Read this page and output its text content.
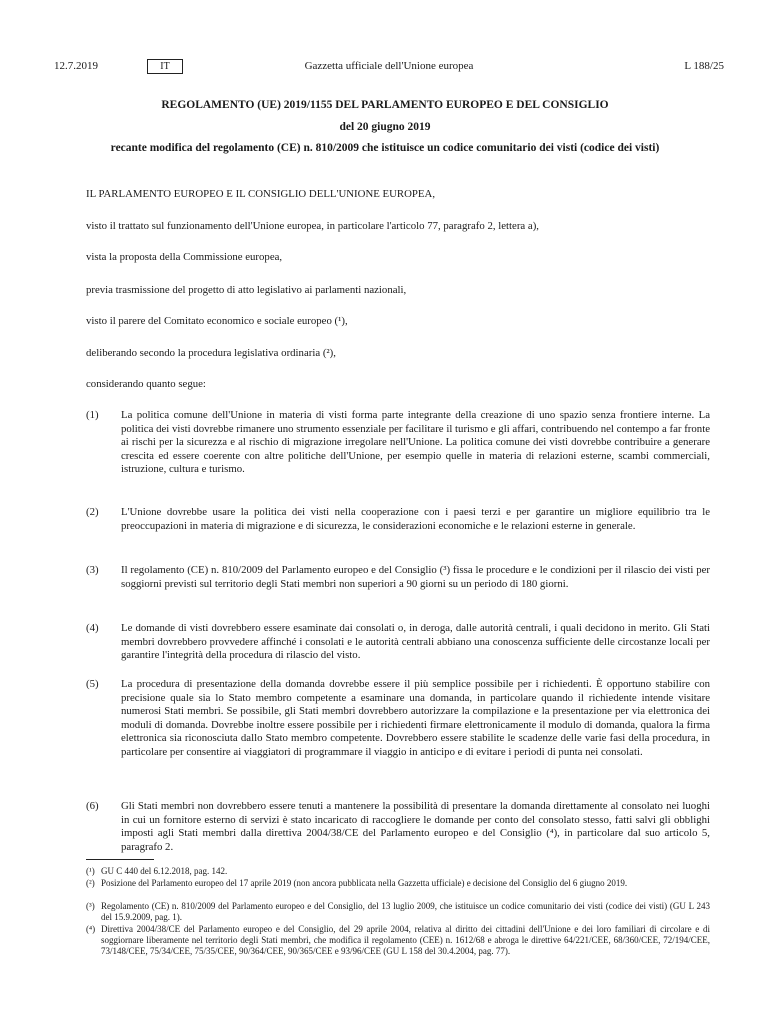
12.7.2019	IT	Gazzetta ufficiale dell'Unione europea	L 188/25
REGOLAMENTO (UE) 2019/1155 DEL PARLAMENTO EUROPEO E DEL CONSIGLIO
del 20 giugno 2019
recante modifica del regolamento (CE) n. 810/2009 che istituisce un codice comunitario dei visti (codice dei visti)
IL PARLAMENTO EUROPEO E IL CONSIGLIO DELL'UNIONE EUROPEA,
visto il trattato sul funzionamento dell'Unione europea, in particolare l'articolo 77, paragrafo 2, lettera a),
vista la proposta della Commissione europea,
previa trasmissione del progetto di atto legislativo ai parlamenti nazionali,
visto il parere del Comitato economico e sociale europeo (¹),
deliberando secondo la procedura legislativa ordinaria (²),
considerando quanto segue:
(1) La politica comune dell'Unione in materia di visti forma parte integrante della creazione di uno spazio senza frontiere interne. La politica dei visti dovrebbe rimanere uno strumento essenziale per facilitare il turismo e gli affari, contribuendo nel contempo a far fronte ai rischi per la sicurezza e al rischio di migrazione irregolare nell'Unione. La politica comune dei visti dovrebbe contribuire a generare crescita ed essere coerente con altre politiche dell'Unione, per esempio quelle in materia di relazioni esterne, scambi commerciali, istruzione, cultura e turismo.
(2) L'Unione dovrebbe usare la politica dei visti nella cooperazione con i paesi terzi e per garantire un migliore equilibrio tra le preoccupazioni in materia di migrazione e di sicurezza, le considerazioni economiche e le relazioni esterne in generale.
(3) Il regolamento (CE) n. 810/2009 del Parlamento europeo e del Consiglio (³) fissa le procedure e le condizioni per il rilascio dei visti per soggiorni previsti sul territorio degli Stati membri non superiori a 90 giorni su un periodo di 180 giorni.
(4) Le domande di visti dovrebbero essere esaminate dai consolati o, in deroga, dalle autorità centrali, i quali decidono in merito. Gli Stati membri dovrebbero provvedere affinché i consolati e le autorità centrali abbiano una conoscenza sufficiente delle circostanze locali per garantire l'integrità della procedura di rilascio del visto.
(5) La procedura di presentazione della domanda dovrebbe essere il più semplice possibile per i richiedenti. È opportuno stabilire con precisione quale sia lo Stato membro competente a esaminare una domanda, in particolare quando il richiedente intende visitare numerosi Stati membri. Se possibile, gli Stati membri dovrebbero autorizzare la compilazione e la presentazione per via elettronica dei moduli di domanda. Dovrebbe inoltre essere possibile per i richiedenti firmare elettronicamente il modulo di domanda, qualora la firma elettronica sia riconosciuta dallo Stato membro competente. Dovrebbero essere stabilite le scadenze delle varie fasi della procedura, in particolare per consentire ai viaggiatori di programmare il viaggio in anticipo e di evitare i periodi di punta nei consolati.
(6) Gli Stati membri non dovrebbero essere tenuti a mantenere la possibilità di presentare la domanda direttamente al consolato nei luoghi in cui un fornitore esterno di servizi è stato incaricato di raccogliere le domande per conto del consolato stesso, fatti salvi gli obblighi imposti agli Stati membri dalla direttiva 2004/38/CE del Parlamento europeo e del Consiglio (⁴), in particolare dal suo articolo 5, paragrafo 2.
(¹) GU C 440 del 6.12.2018, pag. 142.
(²) Posizione del Parlamento europeo del 17 aprile 2019 (non ancora pubblicata nella Gazzetta ufficiale) e decisione del Consiglio del 6 giugno 2019.
(³) Regolamento (CE) n. 810/2009 del Parlamento europeo e del Consiglio, del 13 luglio 2009, che istituisce un codice comunitario dei visti (codice dei visti) (GU L 243 del 15.9.2009, pag. 1).
(⁴) Direttiva 2004/38/CE del Parlamento europeo e del Consiglio, del 29 aprile 2004, relativa al diritto dei cittadini dell'Unione e dei loro familiari di circolare e di soggiornare liberamente nel territorio degli Stati membri, che modifica il regolamento (CEE) n. 1612/68 e abroga le direttive 64/221/CEE, 68/360/CEE, 72/194/CEE, 73/148/CEE, 75/34/CEE, 75/35/CEE, 90/364/CEE, 90/365/CEE e 93/96/CEE (GU L 158 del 30.4.2004, pag. 77).
